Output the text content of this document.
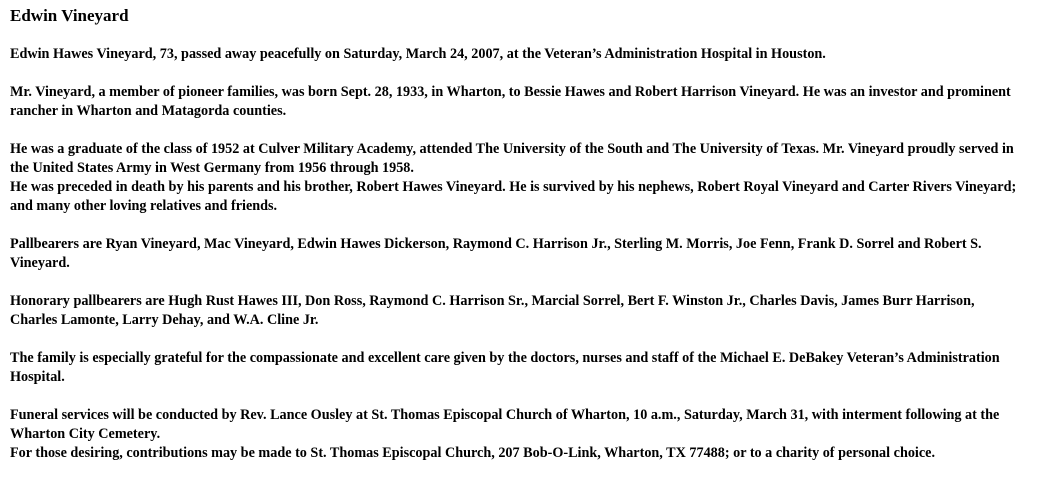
Edwin Vineyard

Edwin Hawes Vineyard, 73, passed away peacefully on Saturday, March 24, 2007, at the Veteran’s Administration Hospital in Houston.

Mr. Vineyard, a member of pioneer families, was born Sept. 28, 1933, in Wharton, to Bessie Hawes and Robert Harrison Vineyard. He was an investor and prominent rancher in Wharton and Matagorda counties.

He was a graduate of the class of 1952 at Culver Military Academy, attended The University of the South and The University of Texas. Mr. Vineyard proudly served in the United States Army in West Germany from 1956 through 1958.

He was preceded in death by his parents and his brother, Robert Hawes Vineyard. He is survived by his nephews, Robert Royal Vineyard and Carter Rivers Vineyard; and many other loving relatives and friends.

Pallbearers are Ryan Vineyard, Mac Vineyard, Edwin Hawes Dickerson, Raymond C. Harrison Jr., Sterling M. Morris, Joe Fenn, Frank D. Sorrel and Robert S. Vineyard.

Honorary pallbearers are Hugh Rust Hawes III, Don Ross, Raymond C. Harrison Sr., Marcial Sorrel, Bert F. Winston Jr., Charles Davis, James Burr Harrison, Charles Lamonte, Larry Dehay, and W.A. Cline Jr.

The family is especially grateful for the compassionate and excellent care given by the doctors, nurses and staff of the Michael E. DeBakey Veteran’s Administration Hospital.

Funeral services will be conducted by Rev. Lance Ousley at St. Thomas Episcopal Church of Wharton, 10 a.m., Saturday, March 31, with interment following at the Wharton City Cemetery.

For those desiring, contributions may be made to St. Thomas Episcopal Church, 207 Bob-O-Link, Wharton, TX 77488; or to a charity of personal choice.
